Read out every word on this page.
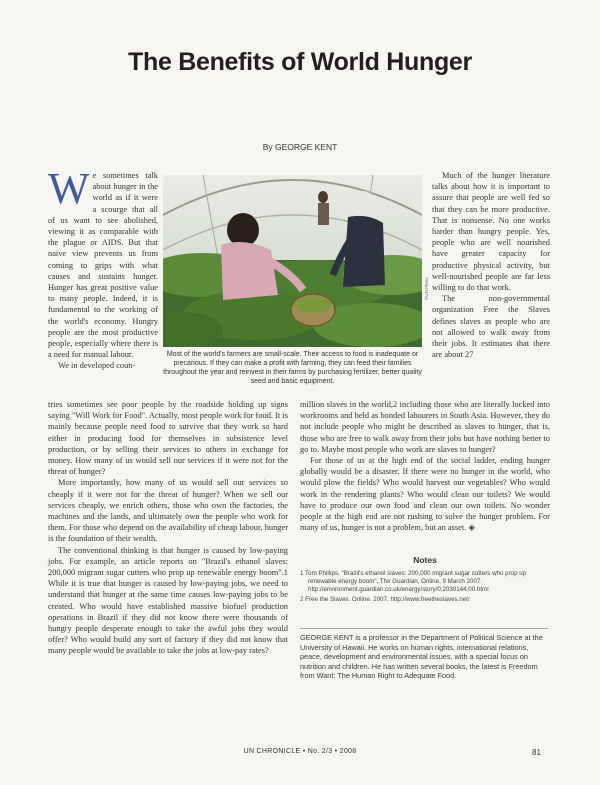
The Benefits of World Hunger
By GEORGE KENT

We sometimes talk about hunger in the world as if it were a scourge that all of us want to see abolished, viewing it as comparable with the plague or AIDS. But that naive view prevents us from coming to grips with what causes and sustains hunger. Hunger has great positive value to many people. Indeed, it is fundamental to the working of the world's economy. Hungry people are the most productive people, especially where there is a need for manual labour.

We in developed coun-

©UN Photo
Most of the world's farmers are small-scale. Their access to food is inadequate or precarious. If they can make a profit with farming, they can feed their families throughout the year and reinvest in their farms by purchasing fertilizer, better quality seed and basic equipment.

Much of the hunger literature talks about how it is important to assure that people are well fed so that they can be more productive. That is nonsense. No one works harder than hungry people. Yes, people who are well nourished have greater capacity for productive physical activity, but well-nourished people are far less willing to do that work.

The non-governmental organization Free the Slaves defines slaves as people who are not allowed to walk away from their jobs. It estimates that there are about 27

tries sometimes see poor people by the roadside holding up signs saying "Will Work for Food". Actually, most people work for food. It is mainly because people need food to survive that they work so hard either in producing food for themselves in subsistence level production, or by selling their services to others in exchange for money. How many of us would sell our services if it were not for the threat of hunger?

More importantly, how many of us would sell our services so cheaply if it were not for the threat of hunger? When we sell our services cheaply, we enrich others, those who own the factories, the machines and the lands, and ultimately own the people who work for them. For those who depend on the availability of cheap labour, hunger is the foundation of their wealth.

The conventional thinking is that hunger is caused by low-paying jobs. For example, an article reports on "Brazil's ethanol slaves: 200,000 migrant sugar cutters who prop up renewable energy boom".1 While it is true that hunger is caused by low-paying jobs, we need to understand that hunger at the same time causes low-paying jobs to be created. Who would have established massive biofuel production operations in Brazil if they did not know there were thousands of hungry people desperate enough to take the awful jobs they would offer? Who would build any sort of factory if they did not know that many people would be available to take the jobs at low-pay rates?

million slaves in the world,2 including those who are literally locked into workrooms and held as bonded labourers in South Asia. However, they do not include people who might be described as slaves to hunger, that is, those who are free to walk away from their jobs but have nothing better to go to. Maybe most people who work are slaves to hunger?

For those of us at the high end of the social ladder, ending hunger globally would be a disaster. If there were no hunger in the world, who would plow the fields? Who would harvest our vegetables? Who would work in the rendering plants? Who would clean our toilets? We would have to produce our own food and clean our own toilets. No wonder people at the high end are not rushing to solve the hunger problem. For many of us, hunger is not a problem, but an asset. ◈

Notes
1 Tom Phillips, "Brazil's ethanol slaves: 200,000 migrant sugar cutters who prop up renewable energy boom", The Guardian, Online, 9 March 2007. http://environment.guardian.co.uk/energy/story/0,2030144,00.html
2 Free the Slaves. Online. 2007. http://www.freetheslaves.net/
GEORGE KENT is a professor in the Department of Political Science at the University of Hawaii. He works on human rights, international relations, peace, development and environmental issues, with a special focus on nutrition and children. He has written several books, the latest is Freedom from Want: The Human Right to Adequate Food.
UN CHRONICLE • No. 2/3 • 2008	81
